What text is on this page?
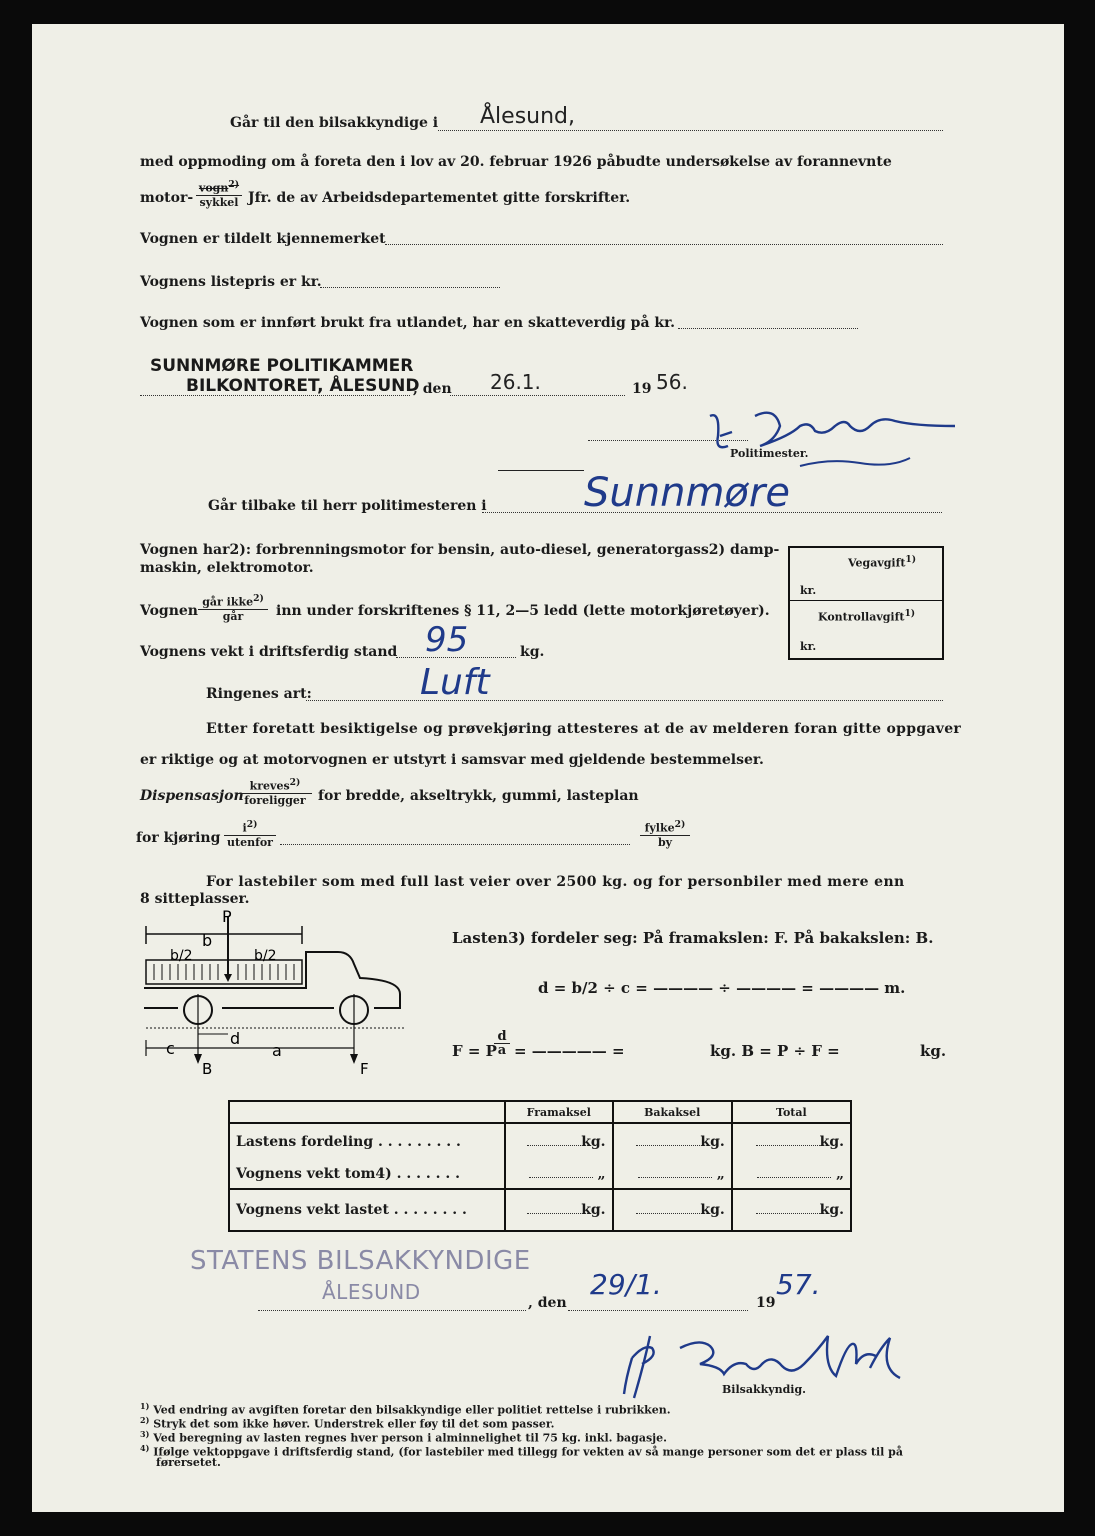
Går til den bilsakkyndige i Ålesund,
med oppmoding om å foreta den i lov av 20. februar 1926 påbudte undersøkelse av forannevnte
motor-
vogn$^{2)}$
sykkel Jfr. de av Arbeidsdepartementet gitte forskrifter.
Vognen er tildelt kjennemerket
Vognens listepris er kr.
Vognen som er innført brukt fra utlandet, har en skatteverdig på kr.
SUNNMØRE POLITIKAMMER
BILKONTORET, ÅLESUND
, den 26.1.	19 56.
Politimester.
Går tilbake til herr politimesteren i Sunnmøre
Vognen har2): forbrenningsmotor for bensin, auto-diesel, generatorgass2) damp-
maskin, elektromotor.	Vegavgift$^{1)}$
kr.
Kontrollavgift$^{1)}$
kr.
Vognen
går ikke$^{2)}$
går	inn under forskriftenes § 11, 2—5 ledd (lette motorkjøretøyer).
Vognens vekt i driftsferdig stand 95	kg.
Ringenes art:	Luft
Etter foretatt besiktigelse og prøvekjøring attesteres at de av melderen foran gitte oppgaver
er riktige og at motorvognen er utstyrt i samsvar med gjeldende bestemmelser.
Dispensasjon
kreves$^{2)}$
foreligger for bredde, akseltrykk, gummi, lasteplan
for kjøring
$i^{2)}$
utenfor
fylke$^{2)}$
by
For lastebiler som med full last veier over 2500 kg. og for personbiler med mere enn
8 sitteplasser.
P
b
b/2	b/2
c
d
a
B	F
Lasten3) fordeler seg: På framakslen: F. På bakakslen: B.
d = b/2 ÷ c = ———— ÷ ———— = ———— m.
F = P
$\frac{d}{a}$ = ————— =	kg. B = P ÷ F =	kg.
	Framaksel	Bakaksel	Total
Lastens fordeling . . . . . . . . .	kg.	kg.	kg.
Vognens vekt tom4) . . . . . . .	„	„	„
Vognens vekt lastet . . . . . . . .	kg.	kg.	kg.
STATENS BILSAKKYNDIGE
ÅLESUND	, den
29/1.
19
57.
Bilsakkyndig.
$^{1)}$ Ved endring av avgiften foretar den bilsakkyndige eller politiet rettelse i rubrikken.
$^{2)}$ Stryk det som ikke høver. Understrek eller føy til det som passer.
$^{3)}$ Ved beregning av lasten regnes hver person i alminnelighet til 75 kg. inkl. bagasje.
$^{4)}$ Ifølge vektoppgave i driftsferdig stand, (for lastebiler med tillegg for vekten av så mange personer som det er plass til på
førersetet.
